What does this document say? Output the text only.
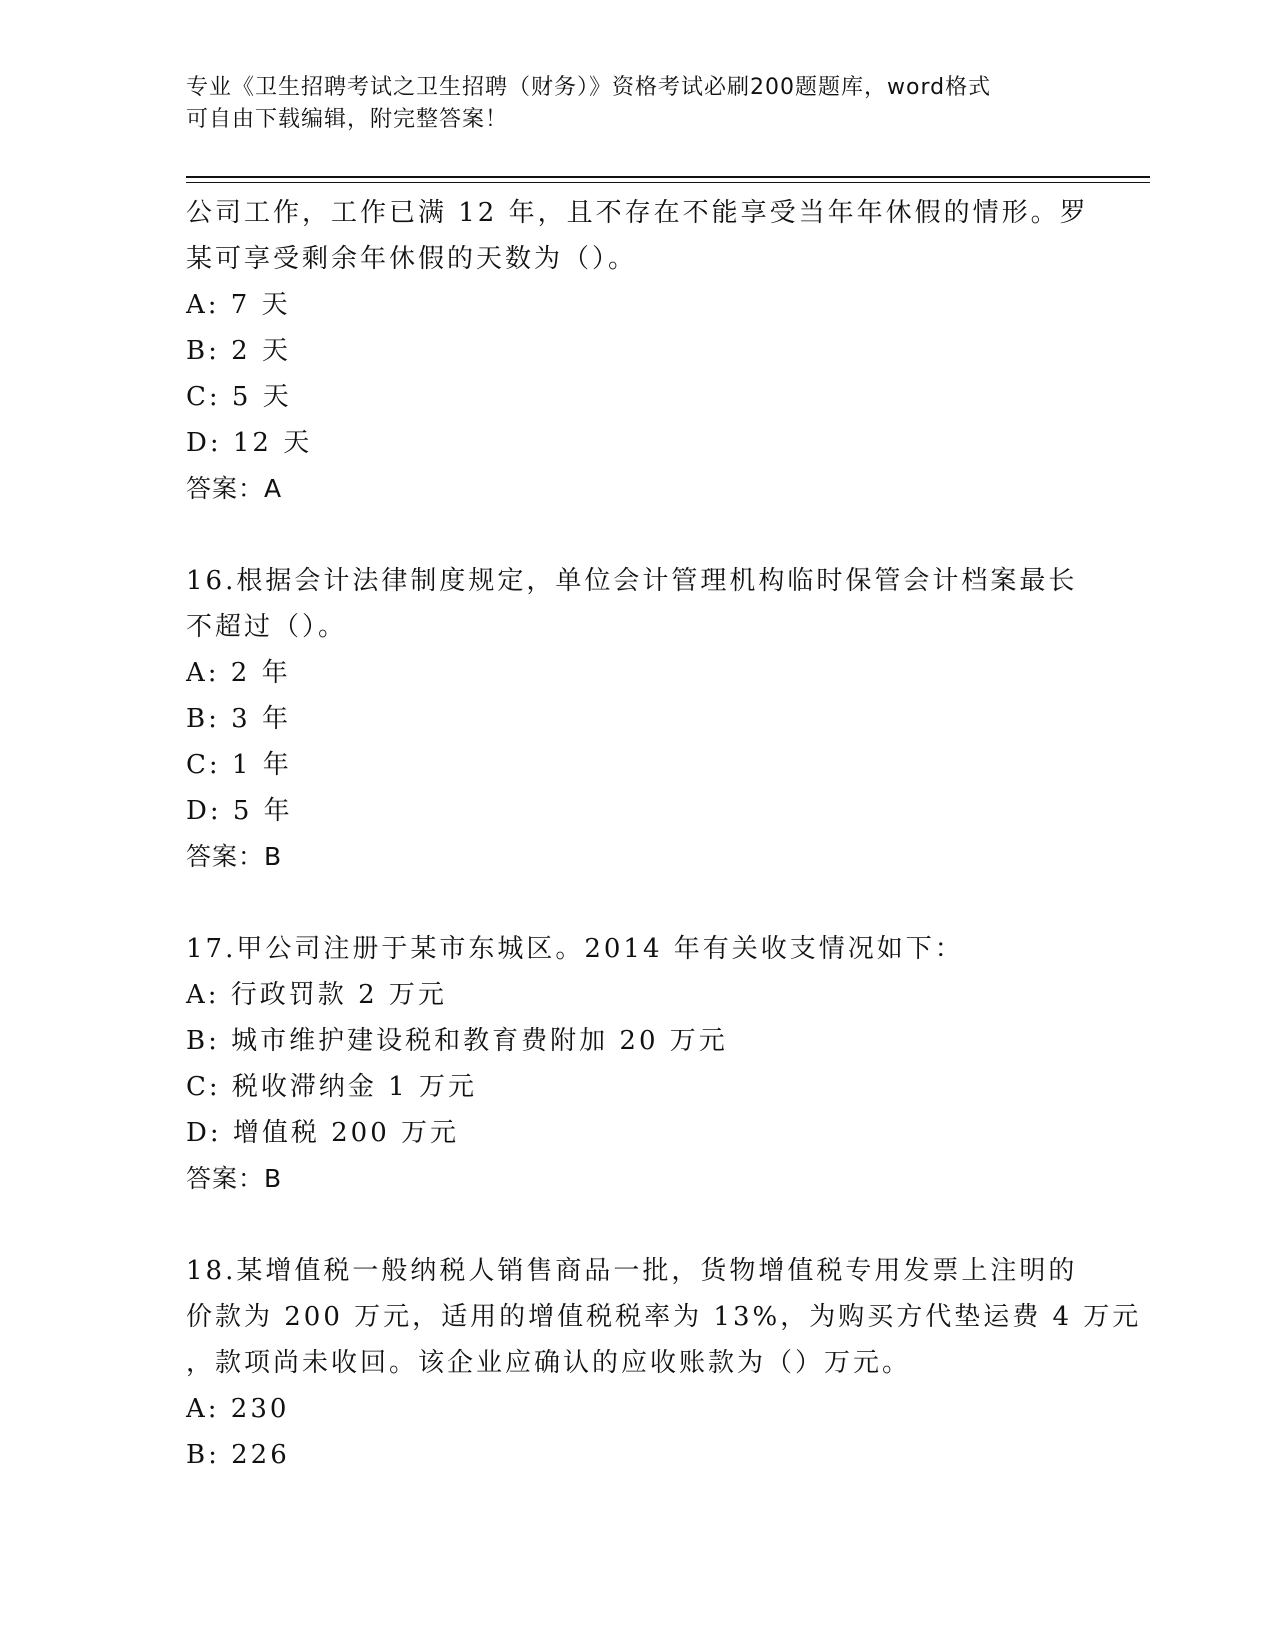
专业《卫生招聘考试之卫生招聘（财务）》资格考试必刷200题题库，word格式
可自由下载编辑，附完整答案！
公司工作，工作已满 12 年，且不存在不能享受当年年休假的情形。罗
某可享受剩余年休假的天数为（）。
A: 7 天
B: 2 天
C: 5 天
D: 12 天
答案：A
16.根据会计法律制度规定，单位会计管理机构临时保管会计档案最长
不超过（）。
A: 2 年
B: 3 年
C: 1 年
D: 5 年
答案：B
17.甲公司注册于某市东城区。2014 年有关收支情况如下：
A: 行政罚款 2 万元
B: 城市维护建设税和教育费附加 20 万元
C: 税收滞纳金 1 万元
D: 增值税 200 万元
答案：B
18.某增值税一般纳税人销售商品一批，货物增值税专用发票上注明的
价款为 200 万元，适用的增值税税率为 13%，为购买方代垫运费 4 万元
，款项尚未收回。该企业应确认的应收账款为（）万元。
A: 230
B: 226
